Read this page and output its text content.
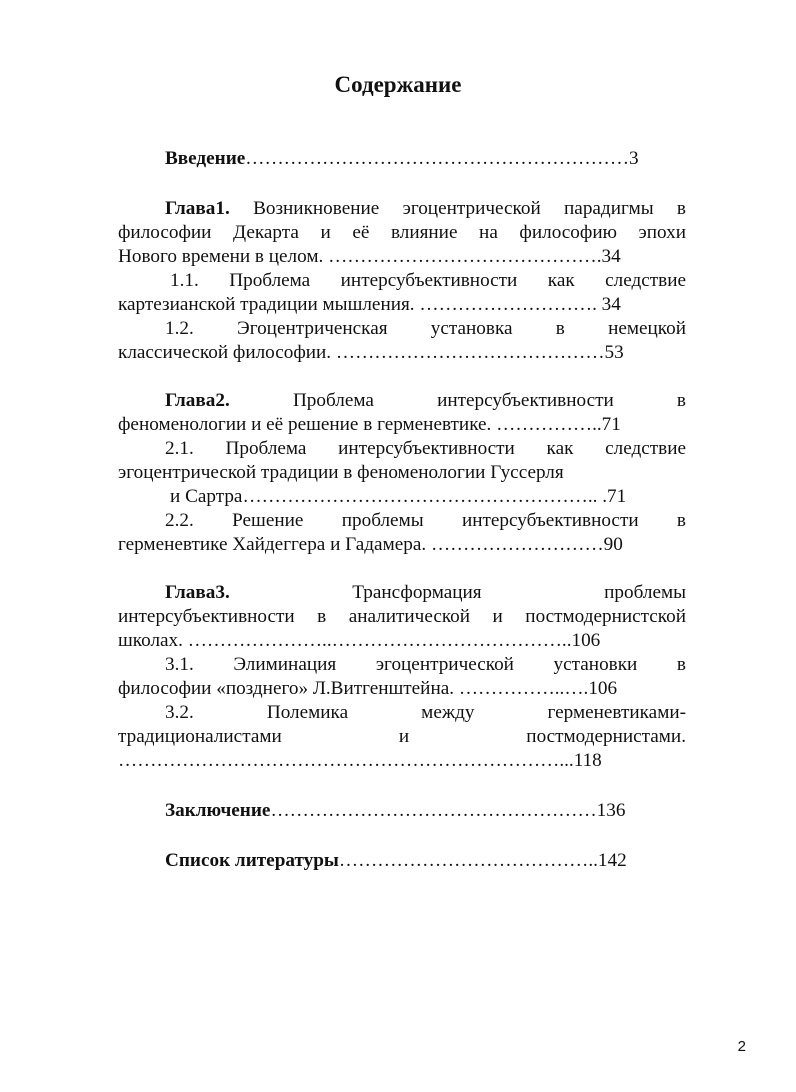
Содержание
Введение……………………………………………………3
Глава1. Возникновение эгоцентрической парадигмы в
философии Декарта и её влияние на философию эпохи
Нового времени в целом. …………………………………….34
1.1. Проблема интерсубъективности как следствие
картезианской традиции мышления. ………………………. 34
1.2. Эгоцентриченская установка в немецкой
классической философии. ……………………………………53
Глава2. Проблема интерсубъективности в
феноменологии и её решение в герменевтике. ……………..71
2.1. Проблема интерсубъективности как следствие
эгоцентрической традиции в феноменологии Гуссерля
и Сартра……………………………………………….. .71
2.2. Решение проблемы интерсубъективности в
герменевтике Хайдеггера и Гадамера. ………………………90
Глава3. Трансформация проблемы
интерсубъективности в аналитической и постмодернистской
школах. …………………..………………………………..106
3.1. Элиминация эгоцентрической установки в
философии «позднего» Л.Витгенштейна. ……………..….106
3.2. Полемика между герменевтиками-
традиционалистами и постмодернистами.
……………………………………………………………...118
Заключение……………………………………………136
Список литературы…………………………………..142
2
